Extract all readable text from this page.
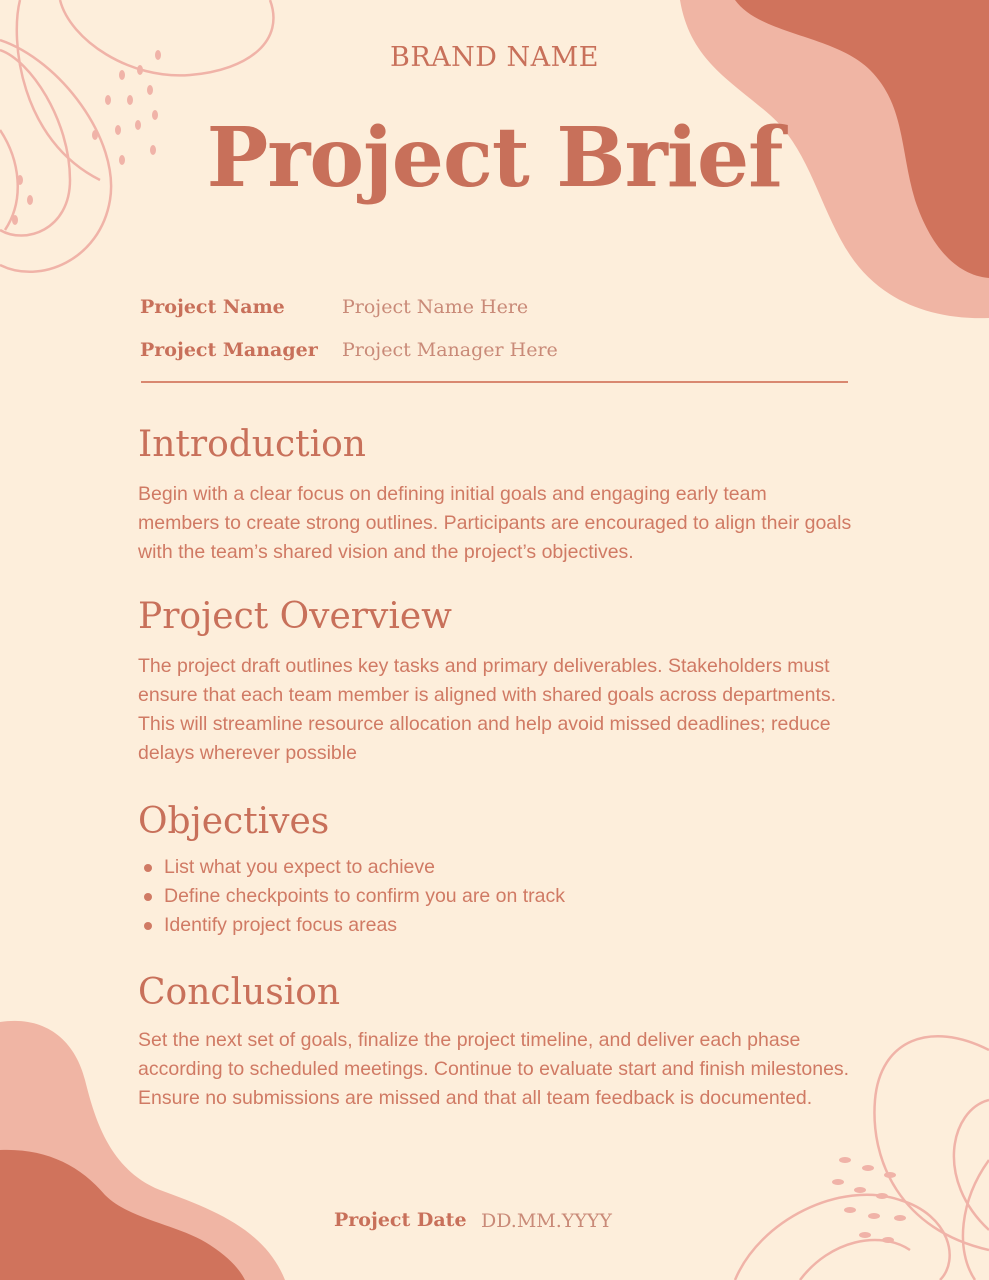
BRAND NAME
Project Brief
Project Name	Project Name Here
Project Manager Project Manager Here
Introduction

Begin with a clear focus on defining initial goals and engaging early team members to create strong outlines. Participants are encouraged to align their goals with the team’s shared vision and the project’s objectives.

Project Overview

The project draft outlines key tasks and primary deliverables. Stakeholders must ensure that each team member is aligned with shared goals across departments. This will streamline resource allocation and help avoid missed deadlines; reduce delays wherever possible

Objectives
List what you expect to achieve
Define checkpoints to confirm you are on track
Identify project focus areas
Conclusion

Set the next set of goals, finalize the project timeline, and deliver each phase according to scheduled meetings. Continue to evaluate start and finish milestones. Ensure no submissions are missed and that all team feedback is documented.

Project Date DD.MM.YYYY
